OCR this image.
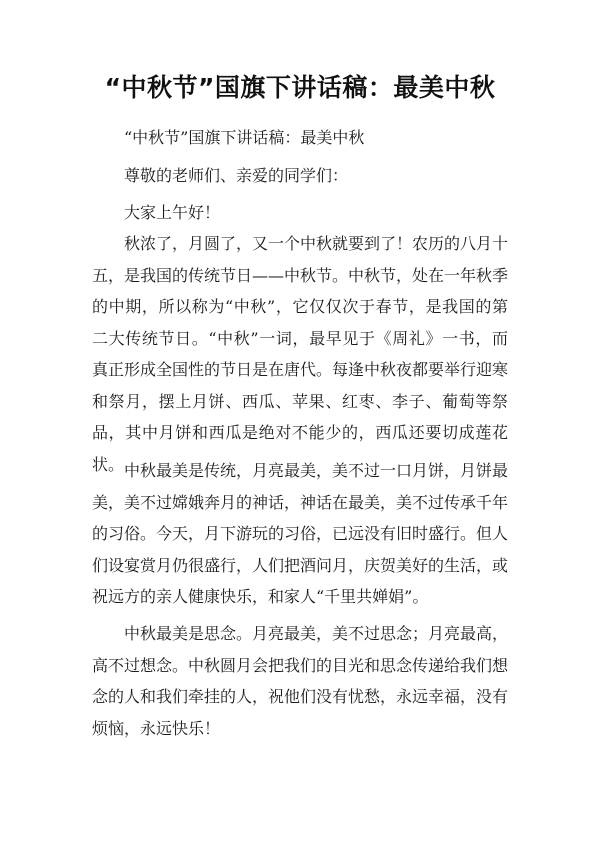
“中秋节”国旗下讲话稿：最美中秋

“中秋节”国旗下讲话稿：最美中秋

尊敬的老师们、亲爱的同学们：

大家上午好！

秋浓了，月圆了，又一个中秋就要到了！农历的八月十五，是我国的传统节日——中秋节。中秋节，处在一年秋季的中期，所以称为“中秋”，它仅仅次于春节，是我国的第二大传统节日。“中秋”一词，最早见于《周礼》一书，而真正形成全国性的节日是在唐代。每逢中秋夜都要举行迎寒和祭月，摆上月饼、西瓜、苹果、红枣、李子、葡萄等祭品，其中月饼和西瓜是绝对不能少的，西瓜还要切成莲花状。 中秋最美是传统，月亮最美，美不过一口月饼，月饼最美，美不过嫦娥奔月的神话，神话在最美，美不过传承千年的习俗。今天，月下游玩的习俗，已远没有旧时盛行。但人们设宴赏月仍很盛行，人们把酒问月，庆贺美好的生活，或祝远方的亲人健康快乐，和家人“千里共婵娟”。

中秋最美是思念。月亮最美，美不过思念；月亮最高，高不过想念。中秋圆月会把我们的目光和思念传递给我们想念的人和我们牵挂的人，祝他们没有忧愁，永远幸福，没有烦恼，永远快乐！
